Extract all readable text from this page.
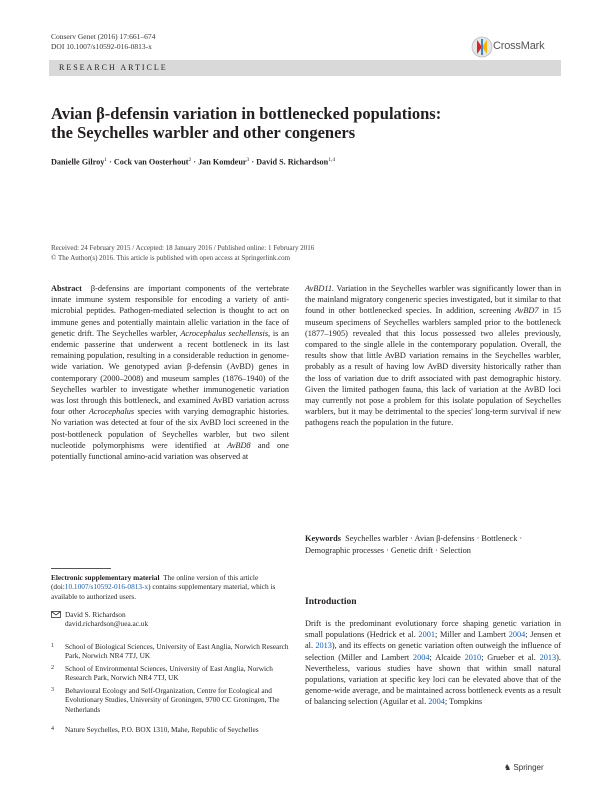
Conserv Genet (2016) 17:661–674
DOI 10.1007/s10592-016-0813-x	CrossMark
RESEARCH ARTICLE
Avian β-defensin variation in bottlenecked populations:
the Seychelles warbler and other congeners
Danielle Gilroy$^1$ · Cock van Oosterhout$^2$ · Jan Komdeur$^3$ · David S. Richardson$^{1,4}$
Received: 24 February 2015 / Accepted: 18 January 2016 / Published online: 1 February 2016
© The Author(s) 2016. This article is published with open access at Springerlink.com
Abstract β-defensins are important components of the vertebrate innate immune system responsible for encoding a variety of anti-microbial peptides. Pathogen-mediated selection is thought to act on immune genes and potentially maintain allelic variation in the face of genetic drift. The Seychelles warbler, Acrocephalus sechellensis, is an endemic passerine that underwent a recent bottleneck in its last remaining population, resulting in a considerable reduction in genome-wide variation. We genotyped avian β-defensin (AvBD) genes in contemporary (2000–2008) and museum samples (1876–1940) of the Seychelles warbler to investigate whether immunogenetic variation was lost through this bottleneck, and examined AvBD variation across four other Acrocephalus species with varying demographic histories. No variation was detected at four of the six AvBD loci screened in the post-bottleneck population of Seychelles warbler, but two silent nucleotide polymorphisms were identified at AvBD8 and one potentially functional amino-acid variation was observed at
AvBD11. Variation in the Seychelles warbler was significantly lower than in the mainland migratory congeneric species investigated, but it similar to that found in other bottlenecked species. In addition, screening AvBD7 in 15 museum specimens of Seychelles warblers sampled prior to the bottleneck (1877–1905) revealed that this locus possessed two alleles previously, compared to the single allele in the contemporary population. Overall, the results show that little AvBD variation remains in the Seychelles warbler, probably as a result of having low AvBD diversity historically rather than the loss of variation due to drift associated with past demographic history. Given the limited pathogen fauna, this lack of variation at the AvBD loci may currently not pose a problem for this isolate population of Seychelles warblers, but it may be detrimental to the species' long-term survival if new pathogens reach the population in the future.
Keywords Seychelles warbler · Avian β-defensins · Bottleneck · Demographic processes · Genetic drift · Selection
Electronic supplementary material The online version of this article (doi:10.1007/s10592-016-0813-x) contains supplementary material, which is available to authorized users.
David S. Richardson
david.richardson@uea.ac.uk
1 School of Biological Sciences, University of East Anglia, Norwich Research Park, Norwich NR4 7TJ, UK
2 School of Environmental Sciences, University of East Anglia, Norwich Research Park, Norwich NR4 7TJ, UK
3 Behavioural Ecology and Self-Organization, Centre for Ecological and Evolutionary Studies, University of Groningen, 9700 CC Groningen, The Netherlands
4 Nature Seychelles, P.O. BOX 1310, Mahe, Republic of Seychelles
Introduction
Drift is the predominant evolutionary force shaping genetic variation in small populations (Hedrick et al. 2001; Miller and Lambert 2004; Jensen et al. 2013), and its effects on genetic variation often outweigh the influence of selection (Miller and Lambert 2004; Alcaide 2010; Grueber et al. 2013). Nevertheless, various studies have shown that within small natural populations, variation at specific key loci can be elevated above that of the genome-wide average, and be maintained across bottleneck events as a result of balancing selection (Aguilar et al. 2004; Tompkins
♞ Springer
